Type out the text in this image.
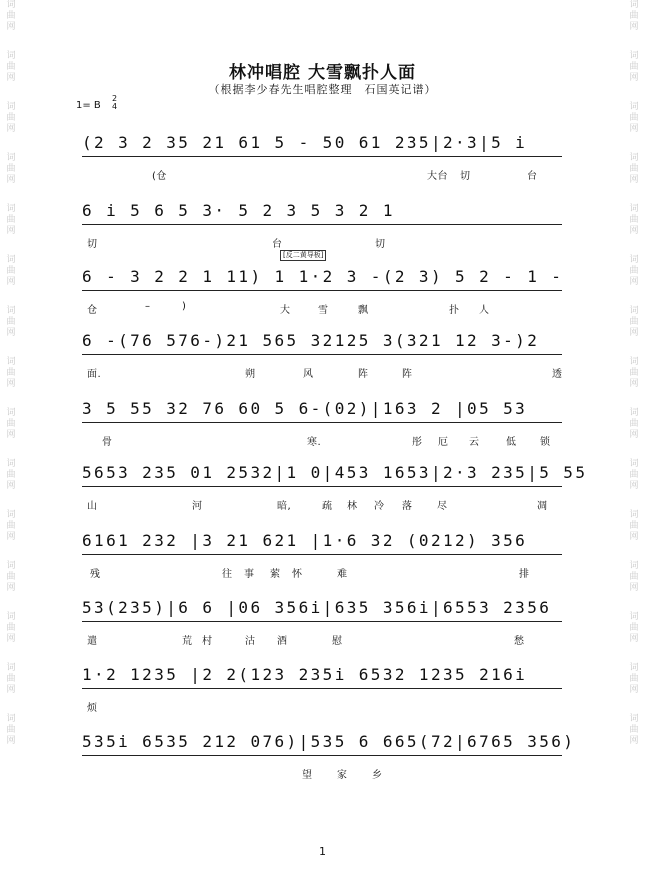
词曲网
词曲网
词曲网
词曲网
词曲网
词曲网
词曲网
词曲网
词曲网
词曲网
词曲网
词曲网
词曲网
词曲网
词曲网
词曲网
词曲网
词曲网
词曲网
词曲网
词曲网
词曲网
词曲网
词曲网
词曲网
词曲网
词曲网
词曲网
词曲网
词曲网
林冲唱腔 大雪飘扑人面
（根据李少春先生唱腔整理　石国英记谱）
1= B
2
4
[反二黄导板]
(2 3 2 35 21 61 5 - 50 61 235|2·3|5 i
(仓	大台 切	台
6 i 5 6 5 3· 5 2 3 5 3 2 1
切	台	切
6 - 3 2 2 1 11) 1 1·2 3 -(2 3) 5 2 - 1 -
仓	–	)	大	雪	飘	扑 人
6 -(76 576-)21 565 32125 3(321 12 3-)2
面.	朔	风	阵	阵	透
3 5 55 32 76 60 5 6-(02)|163 2 |05 53
骨	寒.	彤 厄 云	低 锁
5653 235 01 2532|1 0|453 1653|2·3 235|5 55
山	河	暗,	疏 林 冷 落 尽	凋
6161 232 |3 21 621 |1·6 32 (0212) 356
残	往 事 萦 怀	难	排
53(235)|6 6 |06 356i|635 356i|6553 2356
遣	荒 村	沽 酒	慰	愁
1·2 1235 |2 2(123 235i 6532 1235 216i
烦
535i 6535 212 076)|535 6 665(72|6765 356)
望 家 乡
1
